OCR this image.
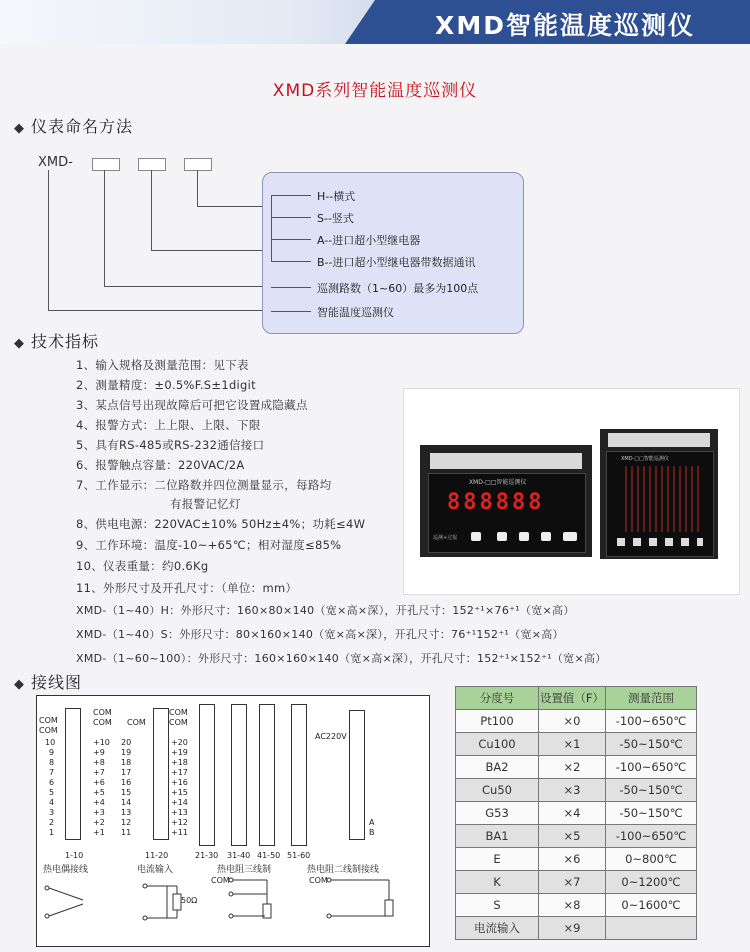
XMD智能温度巡测仪
XMD系列智能温度巡测仪
◆ 仪表命名方法
XMD-
H--横式
S--竖式
A--进口超小型继电器
B--进口超小型继电器带数据通讯
巡测路数（1~60）最多为100点
智能温度巡测仪
◆ 技术指标
1、输入规格及测量范围：见下表
2、测量精度：±0.5%F.S±1digit
3、某点信号出现故障后可把它设置成隐藏点
4、报警方式：上上限、上限、下限
5、具有RS-485或RS-232通信接口
6、报警触点容量：220VAC/2A
7、工作显示：二位路数并四位测量显示，每路均
有报警记忆灯
8、供电电源：220VAC±10% 50Hz±4%；功耗≤4W
9、工作环境：温度-10~+65℃；相对湿度≤85%
10、仪表重量：约0.6Kg
11、外形尺寸及开孔尺寸：（单位：mm）
XMD-（1~40）H：外形尺寸：160×80×140（宽×高×深），开孔尺寸：152⁺¹×76⁺¹（宽×高）
XMD-（1~40）S：外形尺寸：80×160×140（宽×高×深），开孔尺寸：76⁺¹152⁺¹（宽×高）
XMD-（1~60~100）：外形尺寸：160×160×140（宽×高×深），开孔尺寸：152⁺¹×152⁺¹（宽×高）
XMD-□□智能巡测仪
888888
巡测+过报
XMD-□□智能巡测仪
◆ 接线图
COM
COM
COM
COM
10
9
8
7
6
5
4
3
2
1
+10
+9
+8
+7
+6
+5
+4
+3
+2
+1
1-10
COM
COM
COM
20
19
18
17
16
15
14
13
12
11
+20
+19
+18
+17
+16
+15
+14
+13
+12
+11
11-20	21-30 31-40 41-50 51-60
AC220V
A
B
热电偶接线	电流输入	热电阻三线制	热电阻二线制接线
50Ω
COM	COM
分度号	设置值（F）	测量范围
Pt100	×0	-100~650℃
Cu100	×1	-50~150℃
BA2	×2	-100~650℃
Cu50	×3	-50~150℃
G53	×4	-50~150℃
BA1	×5	-100~650℃
E	×6	0~800℃
K	×7	0~1200℃
S	×8	0~1600℃
电流输入	×9	
